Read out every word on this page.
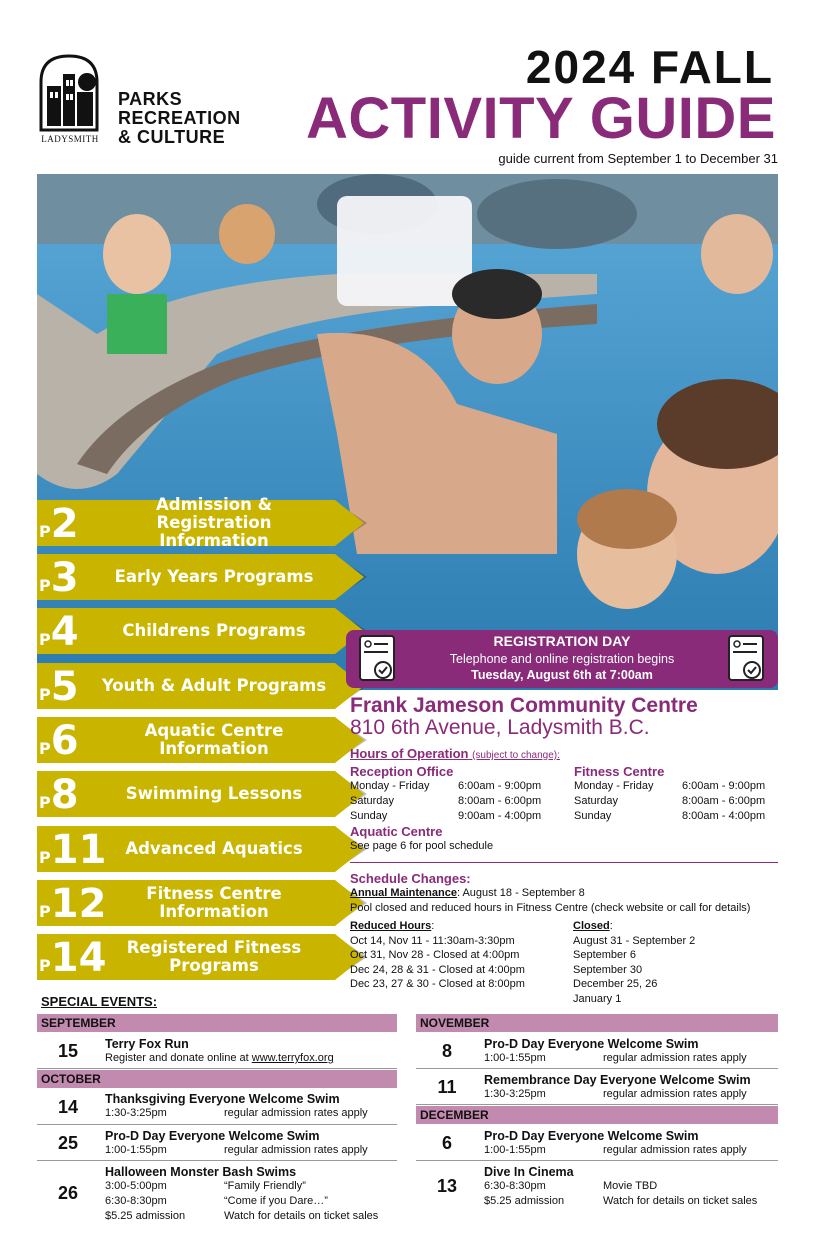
LADYSMITH
PARKS
RECREATION
& CULTURE
2024 FALL
ACTIVITY GUIDE
guide current from September 1 to December 31
P2	Admission & Registration Information
P3	Early Years Programs
P4	Childrens Programs
P5 Youth & Adult Programs
P6	Aquatic Centre Information
P8	Swimming Lessons
P11	Advanced Aquatics
P12	Fitness Centre Information
P14	Registered Fitness Programs
REGISTRATION DAY
Telephone and online registration begins
Tuesday, August 6th at 7:00am
Frank Jameson Community Centre
810 6th Avenue, Ladysmith B.C.
Hours of Operation (subject to change):
Reception Office
Monday - Friday	6:00am - 9:00pm
Saturday	8:00am - 6:00pm
Sunday	9:00am - 4:00pm
Fitness Centre
Monday - Friday	6:00am - 9:00pm
Saturday	8:00am - 6:00pm
Sunday	8:00am - 4:00pm
Aquatic Centre
See page 6 for pool schedule
Schedule Changes:
Annual Maintenance: August 18 - September 8
Pool closed and reduced hours in Fitness Centre (check website or call for details)
Reduced Hours:
Oct 14, Nov 11 - 11:30am-3:30pm
Oct 31, Nov 28 - Closed at 4:00pm
Dec 24, 28 & 31 - Closed at 4:00pm
Dec 23, 27 & 30 - Closed at 8:00pm
Closed:
August 31 - September 2
September 6
September 30
December 25, 26
January 1
SPECIAL EVENTS:
SEPTEMBER
15	Terry Fox Run
Register and donate online at www.terryfox.org
OCTOBER
14	Thanksgiving Everyone Welcome Swim
1:30-3:25pm	regular admission rates apply
25	Pro-D Day Everyone Welcome Swim
1:00-1:55pm	regular admission rates apply
26
Halloween Monster Bash Swims
3:00-5:00pm	“Family Friendly”
6:30-8:30pm	“Come if you Dare…”
$5.25 admission	Watch for details on ticket sales
NOVEMBER
8	Pro-D Day Everyone Welcome Swim
1:00-1:55pm	regular admission rates apply
11	Remembrance Day Everyone Welcome Swim
1:30-3:25pm	regular admission rates apply
DECEMBER
6	Pro-D Day Everyone Welcome Swim
1:00-1:55pm	regular admission rates apply
13
Dive In Cinema
6:30-8:30pm	Movie TBD
$5.25 admission	Watch for details on ticket sales
